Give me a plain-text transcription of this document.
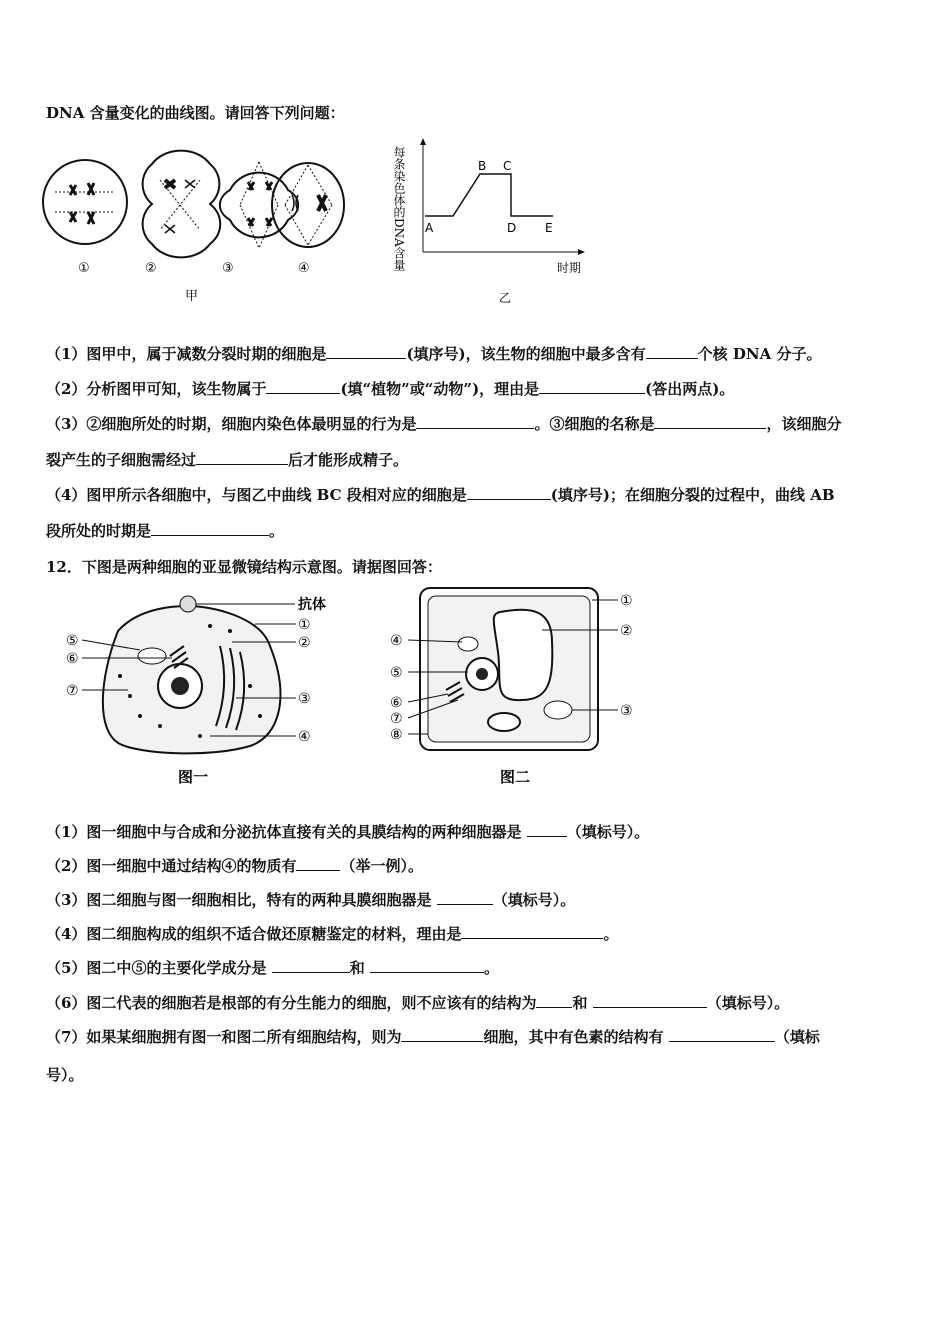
DNA 含量变化的曲线图。请回答下列问题：
①	②	③	④
甲
每条染色体的DNA含量 A
B C
D E
时期
乙
（1）图甲中，属于减数分裂时期的细胞是	(填序号)，该生物的细胞中最多含有	个核 DNA 分子。
（2）分析图甲可知，该生物属于	(填“植物”或“动物”)，理由是	(答出两点)。
（3）②细胞所处的时期，细胞内染色体最明显的行为是	。③细胞的名称是	，该细胞分
裂产生的子细胞需经过	后才能形成精子。
（4）图甲所示各细胞中，与图乙中曲线 BC 段相对应的细胞是	(填序号)；在细胞分裂的过程中，曲线 AB
段所处的时期是	。
12．下图是两种细胞的亚显微镜结构示意图。请据图回答：
抗体
①
②
③
④
⑤
⑥
⑦
图一
①
②
③
④
⑤
⑥
⑦
⑧
图二
（1）图一细胞中与合成和分泌抗体直接有关的具膜结构的两种细胞器是	（填标号）。
（2）图一细胞中通过结构④的物质有	（举一例）。
（3）图二细胞与图一细胞相比，特有的两种具膜细胞器是	（填标号）。
（4）图二细胞构成的组织不适合做还原糖鉴定的材料，理由是	。
（5）图二中⑤的主要化学成分是	和	。
（6）图二代表的细胞若是根部的有分生能力的细胞，则不应该有的结构为 和	（填标号）。
（7）如果某细胞拥有图一和图二所有细胞结构，则为	细胞，其中有色素的结构有	（填标
号）。
